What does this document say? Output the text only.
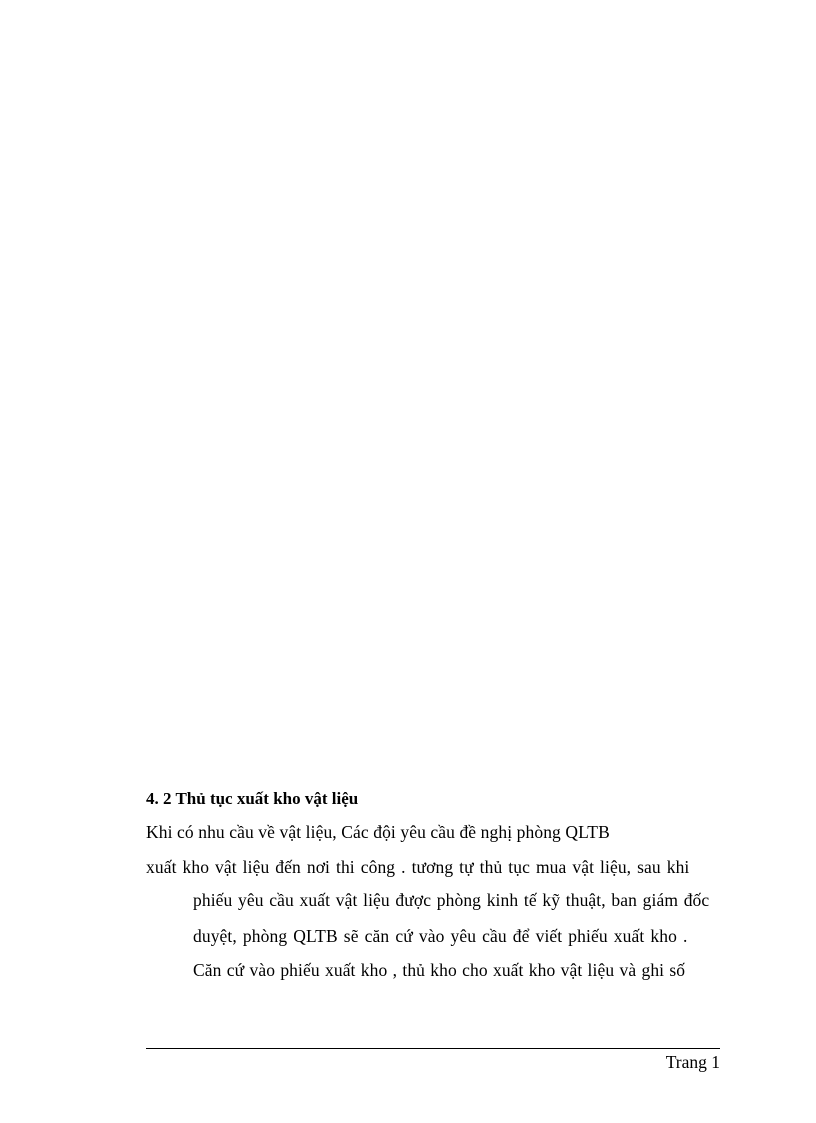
4. 2 Thủ tục xuất kho vật liệu

Khi có nhu cầu về vật liệu, Các đội yêu cầu đề nghị phòng QLTB

xuất kho vật liệu đến nơi thi công . tương tự thủ tục mua vật liệu, sau khi

phiếu yêu cầu xuất vật liệu được phòng kinh tế kỹ thuật, ban giám đốc

duyệt, phòng QLTB sẽ căn cứ vào yêu cầu để viết phiếu xuất kho .

Căn cứ vào phiếu xuất kho , thủ kho cho xuất kho vật liệu và ghi số

Trang 1
